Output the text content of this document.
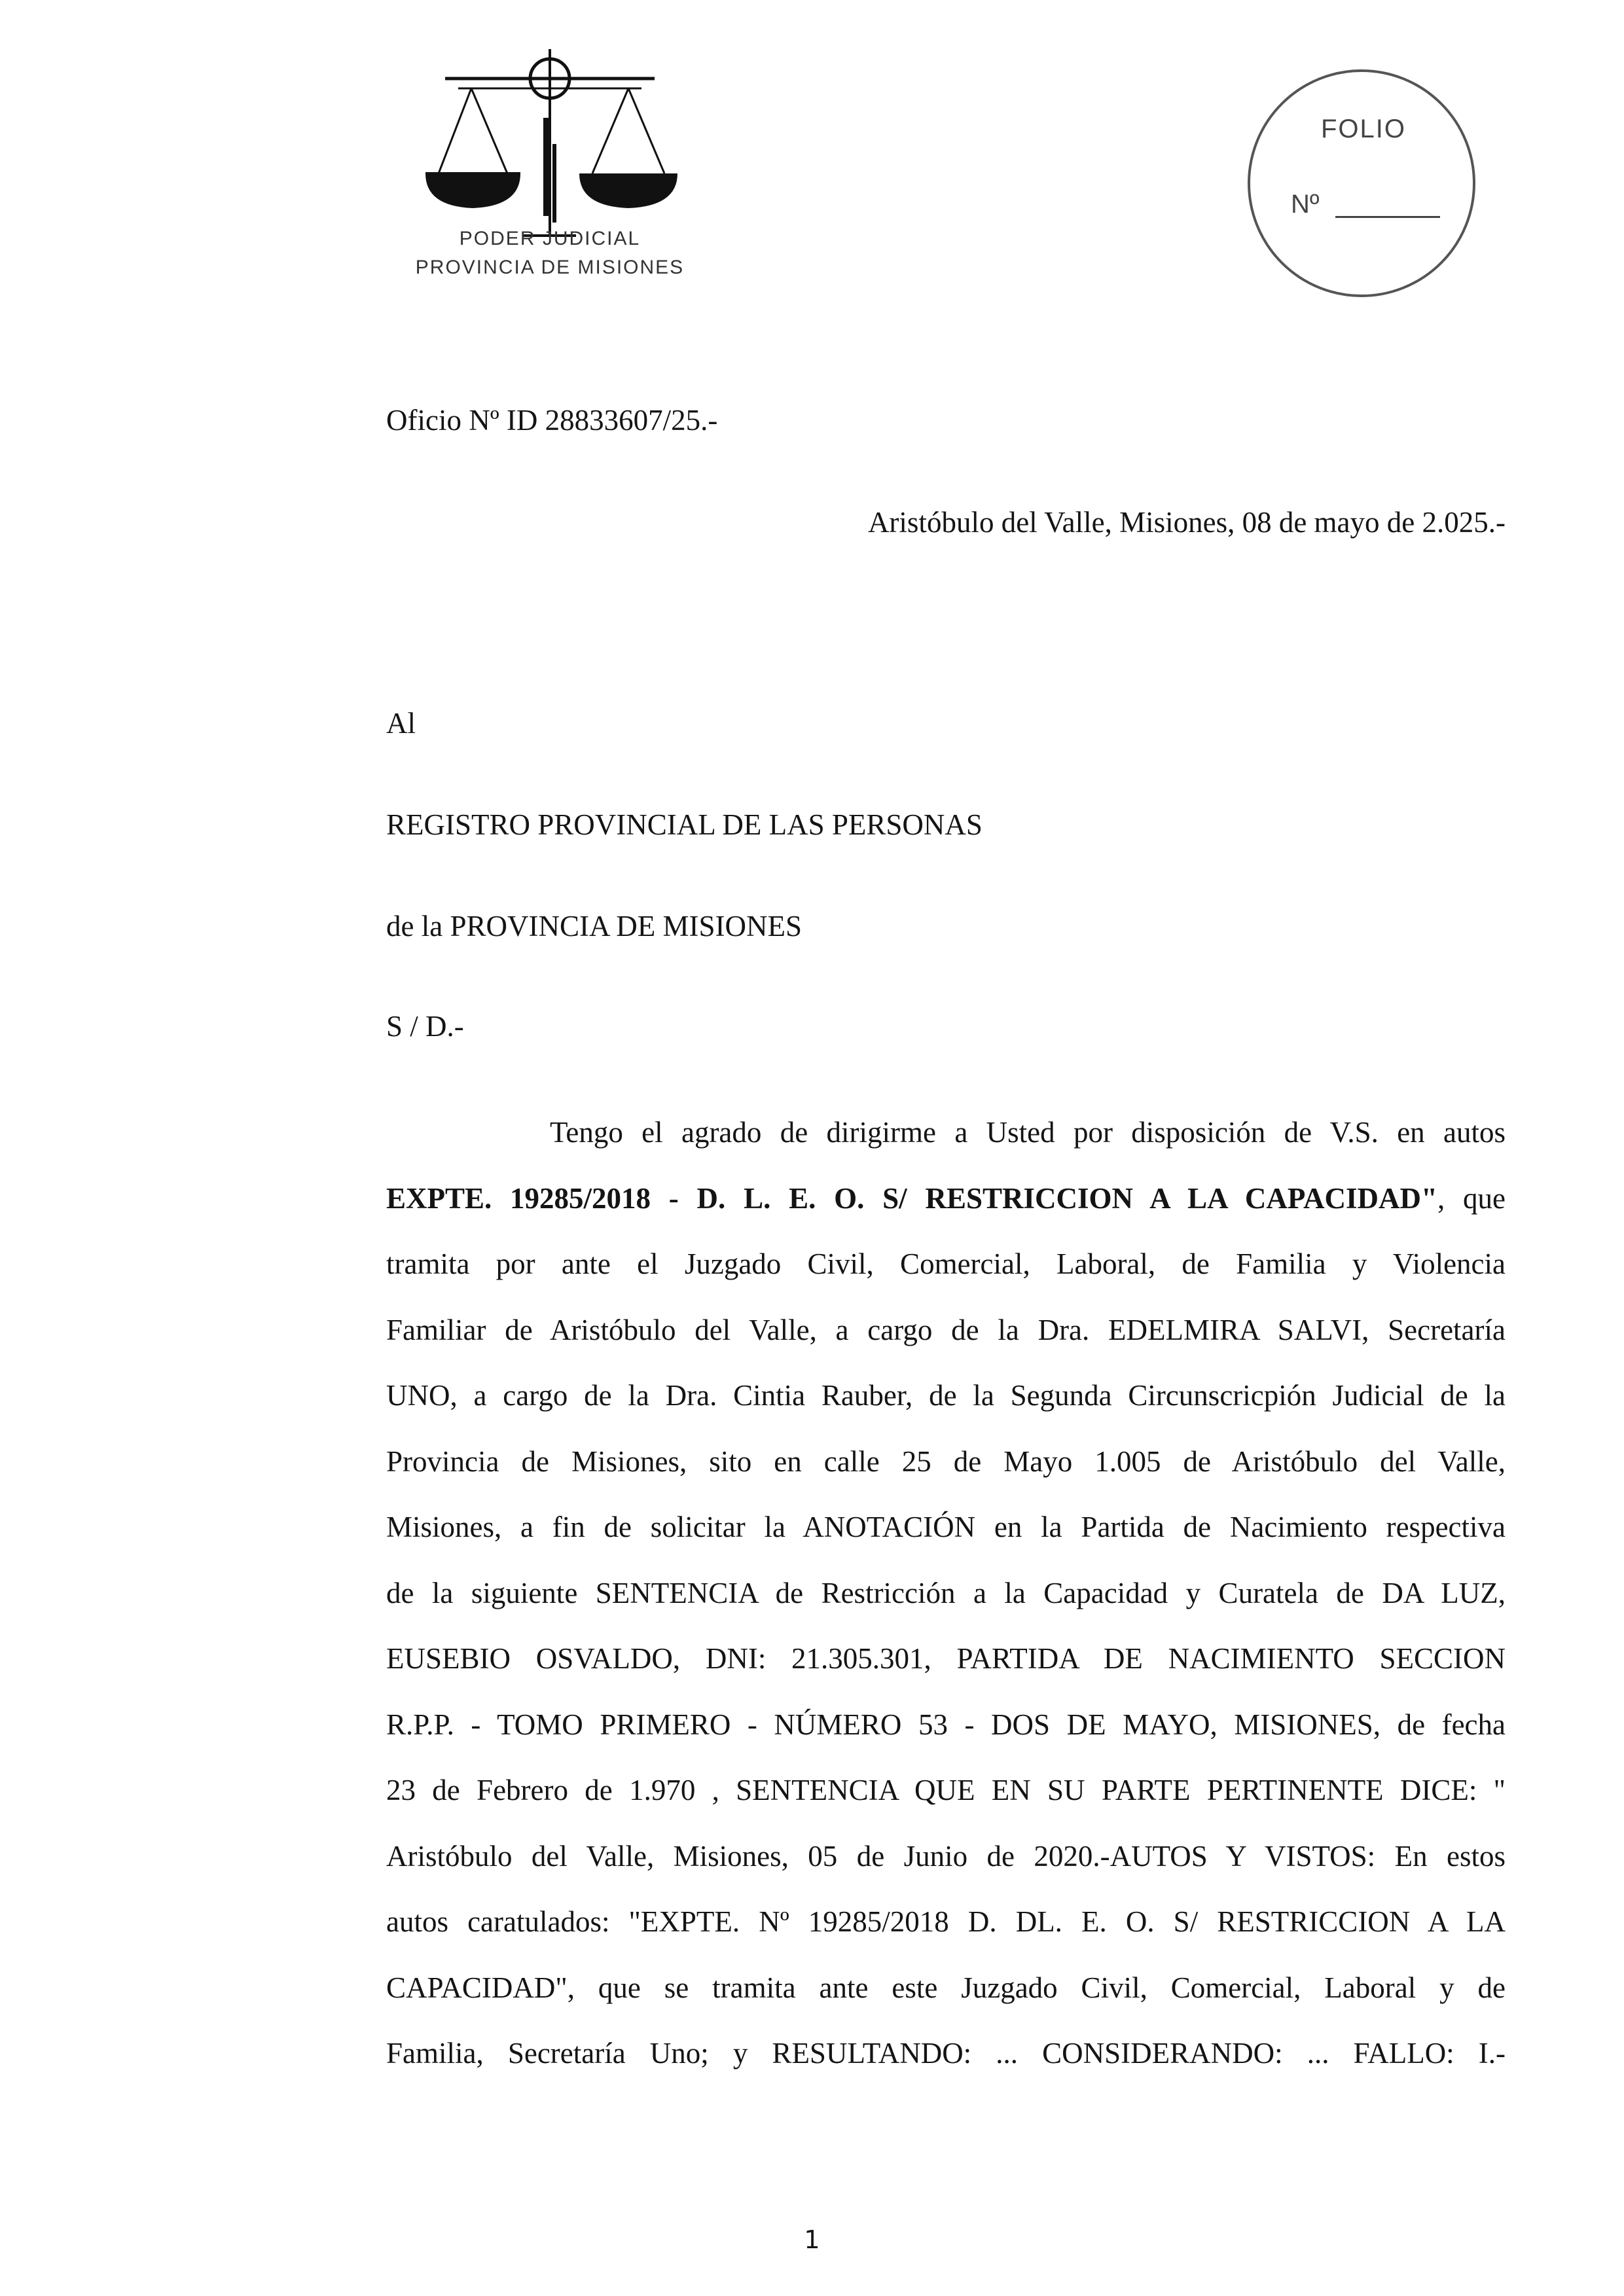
PODER JUDICIAL
PROVINCIA DE MISIONES
FOLIO
Nº
Oficio Nº ID 28833607/25.-
Aristóbulo del Valle, Misiones, 08 de mayo de 2.025.-
Al
REGISTRO PROVINCIAL DE LAS PERSONAS
de la PROVINCIA DE MISIONES
S / D.-
Tengo el agrado de dirigirme a Usted por disposición de V.S. en autos
EXPTE. 19285/2018 - D. L. E. O. S/ RESTRICCION A LA CAPACIDAD", que
tramita por ante el Juzgado Civil, Comercial, Laboral, de Familia y Violencia
Familiar de Aristóbulo del Valle, a cargo de la Dra. EDELMIRA SALVI, Secretaría
UNO, a cargo de la Dra. Cintia Rauber, de la Segunda Circunscricpión Judicial de la
Provincia de Misiones, sito en calle 25 de Mayo 1.005 de Aristóbulo del Valle,
Misiones, a fin de solicitar la ANOTACIÓN en la Partida de Nacimiento respectiva
de la siguiente SENTENCIA de Restricción a la Capacidad y Curatela de DA LUZ,
EUSEBIO OSVALDO, DNI: 21.305.301, PARTIDA DE NACIMIENTO SECCION
R.P.P. - TOMO PRIMERO - NÚMERO 53 - DOS DE MAYO, MISIONES, de fecha
23 de Febrero de 1.970 , SENTENCIA QUE EN SU PARTE PERTINENTE DICE: "
Aristóbulo del Valle, Misiones, 05 de Junio de 2020.-AUTOS Y VISTOS: En estos
autos caratulados: "EXPTE. Nº 19285/2018 D. DL. E. O. S/ RESTRICCION A LA
CAPACIDAD", que se tramita ante este Juzgado Civil, Comercial, Laboral y de
Familia, Secretaría Uno; y RESULTANDO: ... CONSIDERANDO: ... FALLO: I.-
1
